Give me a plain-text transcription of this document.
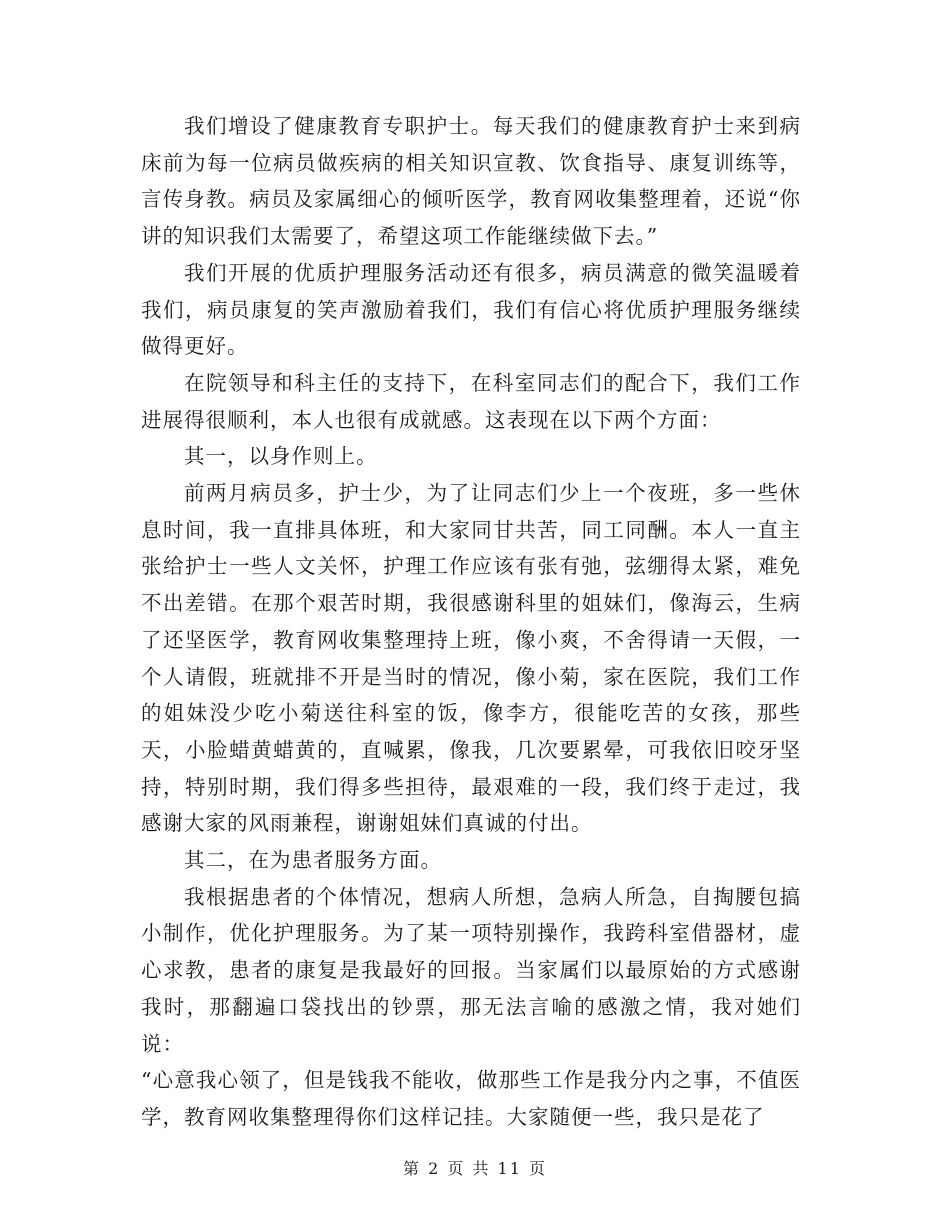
我们增设了健康教育专职护士。每天我们的健康教育护士来到病床前为每一位病员做疾病的相关知识宣教、饮食指导、康复训练等，言传身教。病员及家属细心的倾听医学，教育网收集整理着，还说“你讲的知识我们太需要了，希望这项工作能继续做下去。”

我们开展的优质护理服务活动还有很多，病员满意的微笑温暖着我们，病员康复的笑声激励着我们，我们有信心将优质护理服务继续做得更好。

在院领导和科主任的支持下，在科室同志们的配合下，我们工作进展得很顺利，本人也很有成就感。这表现在以下两个方面：

其一，以身作则上。

前两月病员多，护士少，为了让同志们少上一个夜班，多一些休息时间，我一直排具体班，和大家同甘共苦，同工同酬。本人一直主张给护士一些人文关怀，护理工作应该有张有弛，弦绷得太紧，难免不出差错。在那个艰苦时期，我很感谢科里的姐妹们，像海云，生病了还坚医学，教育网收集整理持上班，像小爽，不舍得请一天假，一个人请假，班就排不开是当时的情况，像小菊，家在医院，我们工作的姐妹没少吃小菊送往科室的饭，像李方，很能吃苦的女孩，那些天，小脸蜡黄蜡黄的，直喊累，像我，几次要累晕，可我依旧咬牙坚持，特别时期，我们得多些担待，最艰难的一段，我们终于走过，我感谢大家的风雨兼程，谢谢姐妹们真诚的付出。

其二，在为患者服务方面。

我根据患者的个体情况，想病人所想，急病人所急，自掏腰包搞小制作，优化护理服务。为了某一项特别操作，我跨科室借器材，虚心求教，患者的康复是我最好的回报。当家属们以最原始的方式感谢我时，那翻遍口袋找出的钞票，那无法言喻的感激之情，我对她们说：

“心意我心领了，但是钱我不能收，做那些工作是我分内之事，不值医学，教育网收集整理得你们这样记挂。大家随便一些，我只是花了

第 2 页 共 11 页
